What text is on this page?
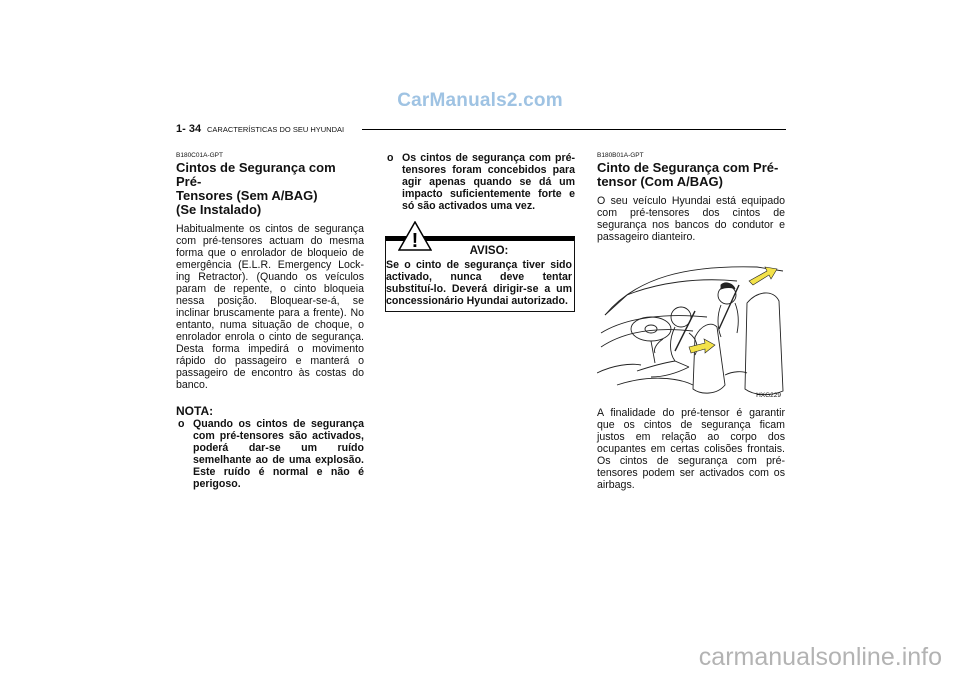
CarManuals2.com
1- 34 CARACTERÍSTICAS DO SEU HYUNDAI
B180C01A-GPT
Cintos de Segurança com Pré-
Tensores (Sem A/BAG)
(Se Instalado)
Habitualmente os cintos de segurança com pré-tensores actuam do mesma forma que o enrolador de bloqueio de emergência (E.L.R. Emergency Lock-ing Retractor). (Quando os veículos param de repente, o cinto bloqueia nessa posição. Bloquear-se-á, se inclinar bruscamente para a frente). No entanto, numa situação de choque, o enrolador enrola o cinto de segurança. Desta forma impedirá o movimento rápido do passageiro e manterá o passageiro de encontro às costas do banco.
NOTA:
o Quando os cintos de segurança com pré-tensores são activados, poderá dar-se um ruído semelhante ao de uma explosão. Este ruído é normal e não é perigoso.
o Os cintos de segurança com pré-tensores foram concebidos para agir apenas quando se dá um impacto suficientemente forte e só são activados uma vez.
!	AVISO:
Se o cinto de segurança tiver sido activado, nunca deve tentar substituí-lo. Deverá dirigir-se a um concessionário Hyundai autorizado.
B180B01A-GPT
Cinto de Segurança com Pré-
tensor (Com A/BAG)
O seu veículo Hyundai está equipado com pré-tensores dos cintos de segurança nos bancos do condutor e passageiro dianteiro.
HXG229
A finalidade do pré-tensor é garantir que os cintos de segurança ficam justos em relação ao corpo dos ocupantes em certas colisões frontais. Os cintos de segurança com pré-tensores podem ser activados com os airbags.
carmanualsonline.info
